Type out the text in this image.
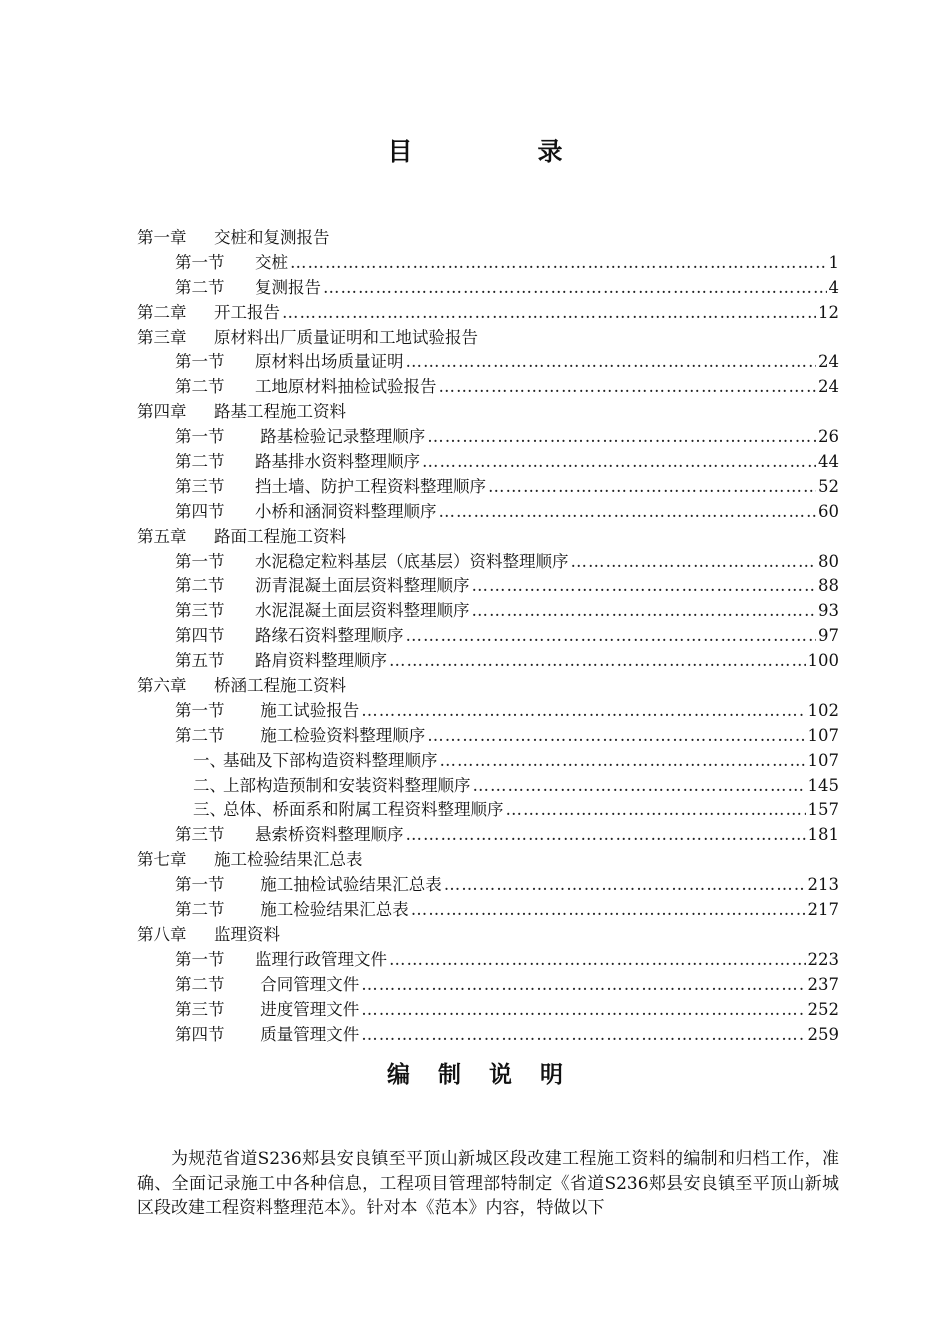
目　录
第一章 交桩和复测报告
第一节 交桩 …………………………………………………………………………………………………………………………………………………………………………	1
第二节 复测报告 …………………………………………………………………………………………………………………………………………………………………………	4
第二章 开工报告 …………………………………………………………………………………………………………………………………………………………………………	12
第三章 原材料出厂质量证明和工地试验报告
第一节 原材料出场质量证明 …………………………………………………………………………………………………………………………………………………………………………	24
第二节 工地原材料抽检试验报告 …………………………………………………………………………………………………………………………………………………………………………	24
第四章 路基工程施工资料
第一节 路基检验记录整理顺序 …………………………………………………………………………………………………………………………………………………………………………	26
第二节 路基排水资料整理顺序 …………………………………………………………………………………………………………………………………………………………………………	44
第三节 挡土墙、防护工程资料整理顺序 …………………………………………………………………………………………………………………………………………………………………………	52
第四节 小桥和涵洞资料整理顺序 …………………………………………………………………………………………………………………………………………………………………………	60
第五章 路面工程施工资料
第一节 水泥稳定粒料基层（底基层）资料整理顺序 …………………………………………………………………………………………………………………………………………………………………………	80
第二节 沥青混凝土面层资料整理顺序 …………………………………………………………………………………………………………………………………………………………………………	88
第三节 水泥混凝土面层资料整理顺序 …………………………………………………………………………………………………………………………………………………………………………	93
第四节 路缘石资料整理顺序 …………………………………………………………………………………………………………………………………………………………………………	97
第五节 路肩资料整理顺序 …………………………………………………………………………………………………………………………………………………………………………	100
第六章 桥涵工程施工资料
第一节 施工试验报告 …………………………………………………………………………………………………………………………………………………………………………	102
第二节 施工检验资料整理顺序 …………………………………………………………………………………………………………………………………………………………………………	107
一、基础及下部构造资料整理顺序 …………………………………………………………………………………………………………………………………………………………………………	107
二、上部构造预制和安装资料整理顺序 …………………………………………………………………………………………………………………………………………………………………………	145
三、总体、桥面系和附属工程资料整理顺序 …………………………………………………………………………………………………………………………………………………………………………	157
第三节 悬索桥资料整理顺序 …………………………………………………………………………………………………………………………………………………………………………	181
第七章 施工检验结果汇总表
第一节 施工抽检试验结果汇总表 …………………………………………………………………………………………………………………………………………………………………………	213
第二节 施工检验结果汇总表 …………………………………………………………………………………………………………………………………………………………………………	217
第八章 监理资料
第一节 监理行政管理文件 …………………………………………………………………………………………………………………………………………………………………………	223
第二节 合同管理文件 …………………………………………………………………………………………………………………………………………………………………………	237
第三节 进度管理文件 …………………………………………………………………………………………………………………………………………………………………………	252
第四节 质量管理文件 …………………………………………………………………………………………………………………………………………………………………………	259
编 制 说 明
为规范省道S236郏县安良镇至平顶山新城区段改建工程施工资料的编制和归档工作，准确、全面记录施工中各种信息，工程项目管理部特制定《省道S236郏县安良镇至平顶山新城区段改建工程资料整理范本》。针对本《范本》内容，特做以下
